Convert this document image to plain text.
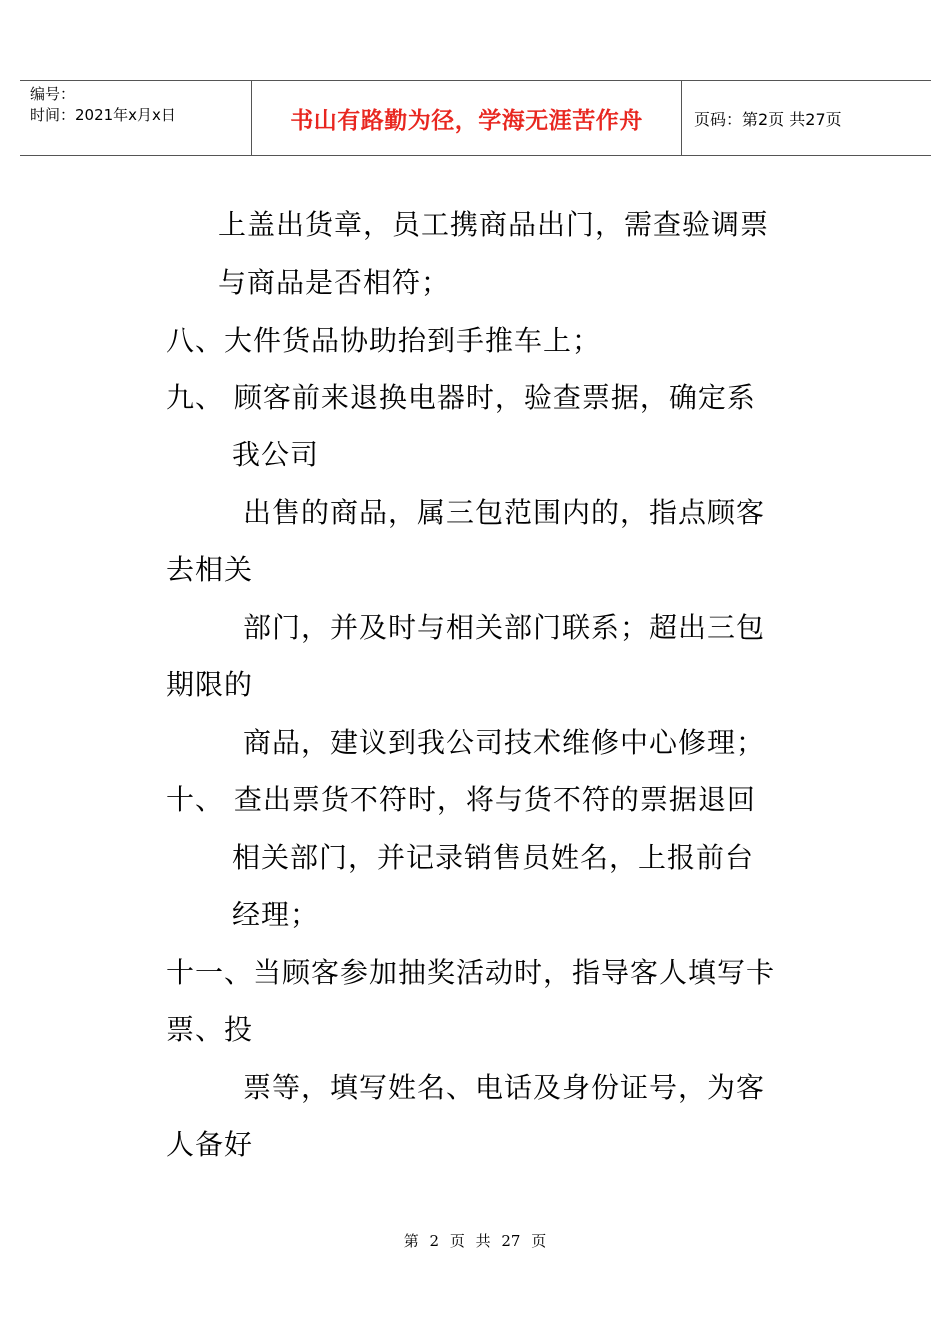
编号：
时间：2021年x月x日	书山有路勤为径，学海无涯苦作舟	页码：第2页 共27页
上盖出货章，员工携商品出门，需查验调票
与商品是否相符；
八、大件货品协助抬到手推车上；
九、 顾客前来退换电器时，验查票据，确定系
我公司
出售的商品，属三包范围内的，指点顾客
去相关
部门，并及时与相关部门联系；超出三包
期限的
商品，建议到我公司技术维修中心修理；
十、 查出票货不符时，将与货不符的票据退回
相关部门，并记录销售员姓名，上报前台
经理；
十一、当顾客参加抽奖活动时，指导客人填写卡
票、投
票等，填写姓名、电话及身份证号，为客
人备好
第 2 页 共 27 页
